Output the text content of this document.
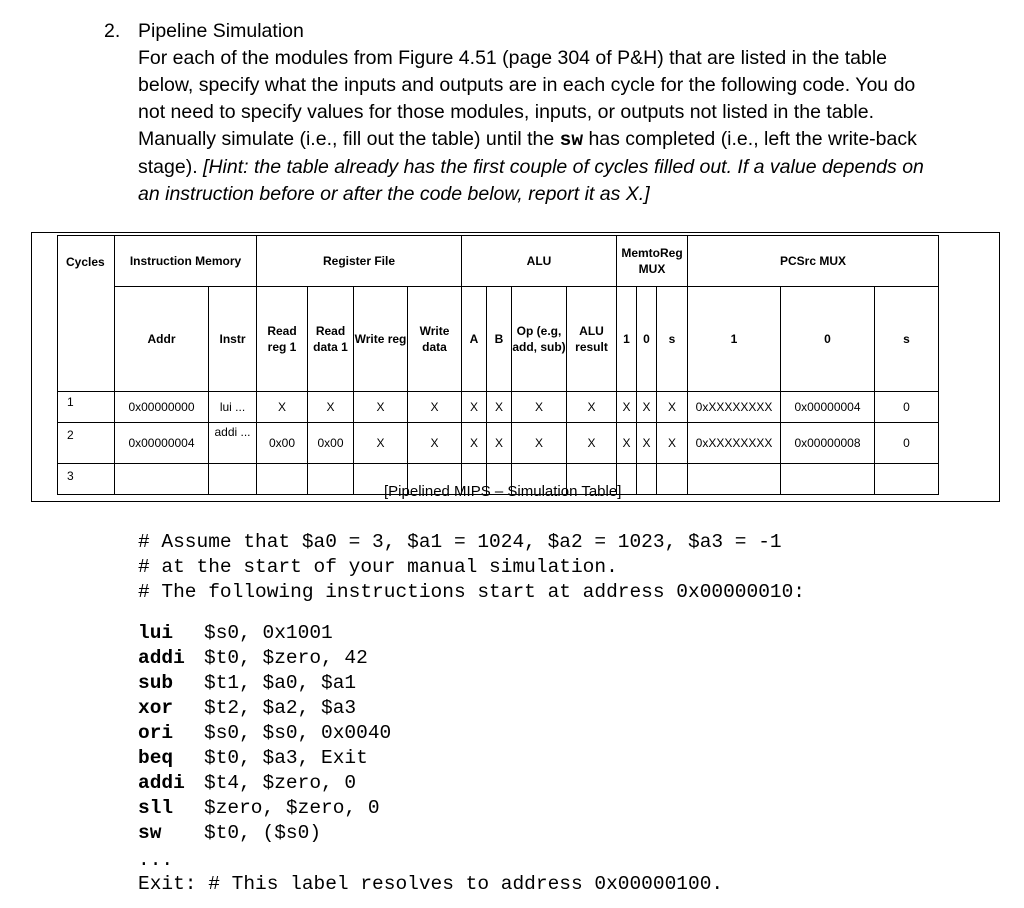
2. Pipeline Simulation
For each of the modules from Figure 4.51 (page 304 of P&H) that are listed in the table below, specify what the inputs and outputs are in each cycle for the following code. You do not need to specify values for those modules, inputs, or outputs not listed in the table. Manually simulate (i.e., fill out the table) until the sw has completed (i.e., left the write-back stage). [Hint: the table already has the first couple of cycles filled out. If a value depends on an instruction before or after the code below, report it as X.]
Cycles	Instruction Memory		Register File				ALU				MemtoReg MUX			PCSrc MUX		
	Addr	Instr	Read reg 1	Read data 1	Write reg	Write data	A	B	Op (e.g, add, sub)	ALU result	1	0	s	1	0	s
1	0x00000000	lui ...	X	X	X	X	X	X	X	X	X	X	X	0xXXXXXXXX	0x00000004	0
2	0x00000004	addi ...	0x00	0x00	X	X	X	X	X	X	X	X	X	0xXXXXXXXX	0x00000008	0
3																
[Pipelined MIPS – Simulation Table]
# Assume that $a0 = 3, $a1 = 1024, $a2 = 1023, $a3 = -1
# at the start of your manual simulation.
# The following instructions start at address 0x00000010:
lui $s0, 0x1001
addi $t0, $zero, 42
sub $t1, $a0, $a1
xor $t2, $a2, $a3
ori $s0, $s0, 0x0040
beq $t0, $a3, Exit
addi $t4, $zero, 0
sll $zero, $zero, 0
sw $t0, ($s0)
...
Exit: # This label resolves to address 0x00000100.
